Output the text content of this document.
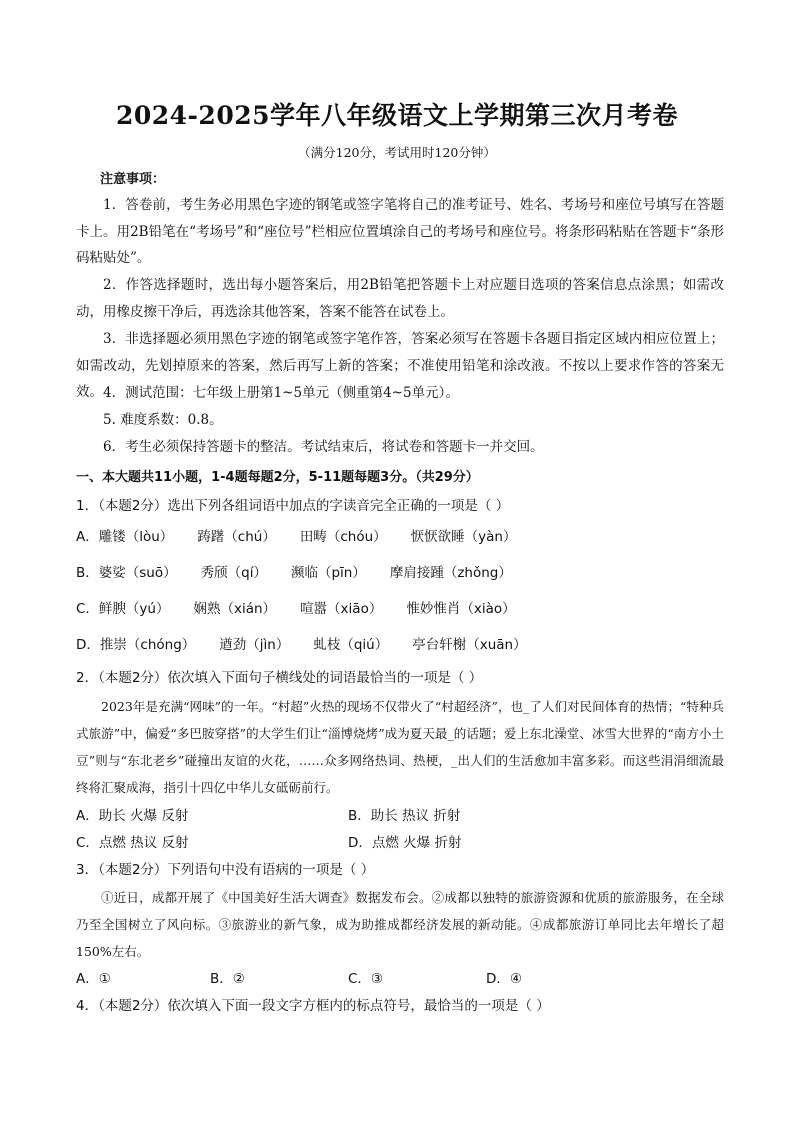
2024-2025学年八年级语文上学期第三次月考卷
（满分120分，考试用时120分钟）
注意事项：
1．答卷前，考生务必用黑色字迹的钢笔或签字笔将自己的准考证号、姓名、考场号和座位号填写在答题卡上。用2B铅笔在“考场号”和“座位号”栏相应位置填涂自己的考场号和座位号。将条形码粘贴在答题卡“条形码粘贴处”。
2．作答选择题时，选出每小题答案后，用2B铅笔把答题卡上对应题目选项的答案信息点涂黑；如需改动，用橡皮擦干净后，再选涂其他答案，答案不能答在试卷上。
3．非选择题必须用黑色字迹的钢笔或签字笔作答，答案必须写在答题卡各题目指定区域内相应位置上；如需改动，先划掉原来的答案，然后再写上新的答案；不准使用铅笔和涂改液。不按以上要求作答的答案无效。 4．测试范围：七年级上册第1~5单元（侧重第4~5单元）。
5. 难度系数：0.8。
6．考生必须保持答题卡的整洁。考试结束后，将试卷和答题卡一并交回。
一、本大题共11小题，1-4题每题2分，5-11题每题3分。（共29分）
1．（本题2分）选出下列各组词语中加点的字读音完全正确的一项是（ ）
A．雕镂（lòu） 踌躇（chú） 田畴（chóu） 恹恹欲睡（yàn）
B．婆娑（suō） 秀颀（qí） 濒临（pīn） 摩肩接踵（zhǒng）
C．鲜腴（yú） 娴熟（xián） 喧嚣（xiāo） 惟妙惟肖（xiào）
D．推崇（chóng） 遒劲（jìn） 虬枝（qiú） 亭台轩榭（xuān）
2．（本题2分）依次填入下面句子横线处的词语最恰当的一项是（ ）
2023年是充满“网味”的一年。“村超”火热的现场不仅带火了“村超经济”，也_了人们对民间体育的热情；“特种兵式旅游”中，偏爱“多巴胺穿搭”的大学生们让“淄博烧烤”成为夏天最_的话题；爱上东北澡堂、冰雪大世界的“南方小土豆”则与“东北老乡”碰撞出友谊的火花，……众多网络热词、热梗，_出人们的生活愈加丰富多彩。而这些涓涓细流最终将汇聚成海，指引十四亿中华儿女砥砺前行。
A．助长 火爆 反射	B．助长 热议 折射
C．点燃 热议 反射	D．点燃 火爆 折射
3．（本题2分）下列语句中没有语病的一项是（ ）
①近日，成都开展了《中国美好生活大调查》数据发布会。②成都以独特的旅游资源和优质的旅游服务，在全球乃至全国树立了风向标。③旅游业的新气象，成为助推成都经济发展的新动能。④成都旅游订单同比去年增长了超150%左右。
A．①	B．②	C．③	D．④
4．（本题2分）依次填入下面一段文字方框内的标点符号，最恰当的一项是（ ）
